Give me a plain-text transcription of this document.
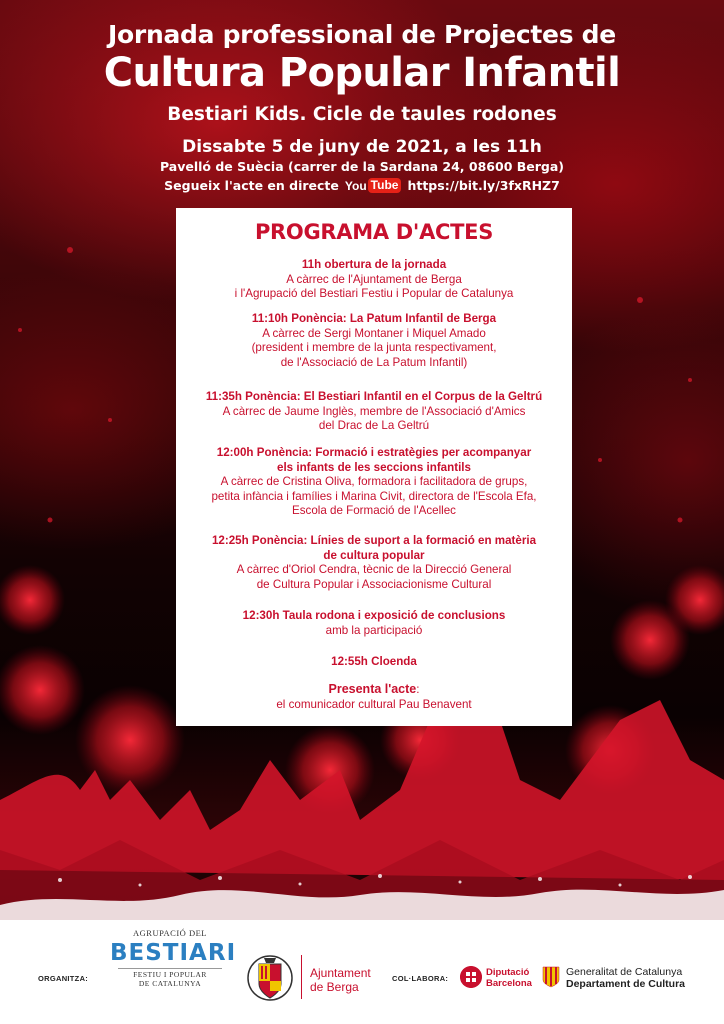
Jornada professional de Projectes de
Cultura Popular Infantil
Bestiari Kids. Cicle de taules rodones
Dissabte 5 de juny de 2021, a les 11h
Pavelló de Suècia (carrer de la Sardana 24, 08600 Berga)
Segueix l'acte en directe You Tube https://bit.ly/3fxRHZ7
PROGRAMA D'ACTES
11h obertura de la jornada
A càrrec de l'Ajuntament de Berga
i l'Agrupació del Bestiari Festiu i Popular de Catalunya
11:10h Ponència: La Patum Infantil de Berga
A càrrec de Sergi Montaner i Miquel Amado
(president i membre de la junta respectivament,
de l'Associació de La Patum Infantil)
11:35h Ponència: El Bestiari Infantil en el Corpus de la Geltrú
A càrrec de Jaume Inglès, membre de l'Associació d'Amics
del Drac de La Geltrú
12:00h Ponència: Formació i estratègies per acompanyar
els infants de les seccions infantils
A càrrec de Cristina Oliva, formadora i facilitadora de grups,
petita infància i famílies i Marina Civit, directora de l'Escola Efa,
Escola de Formació de l'Acellec
12:25h Ponència: Línies de suport a la formació en matèria
de cultura popular
A càrrec d'Oriol Cendra, tècnic de la Direcció General
de Cultura Popular i Associacionisme Cultural
12:30h Taula rodona i exposició de conclusions
amb la participació
12:55h Cloenda
Presenta l'acte:
el comunicador cultural Pau Benavent
ORGANITZA:
AGRUPACIÓ DEL
BESTIARI
FESTIU I POPULAR
DE CATALUNYA
Ajuntament
de Berga
COL·LABORA:
Diputació
Barcelona
Generalitat de Catalunya
Departament de Cultura
